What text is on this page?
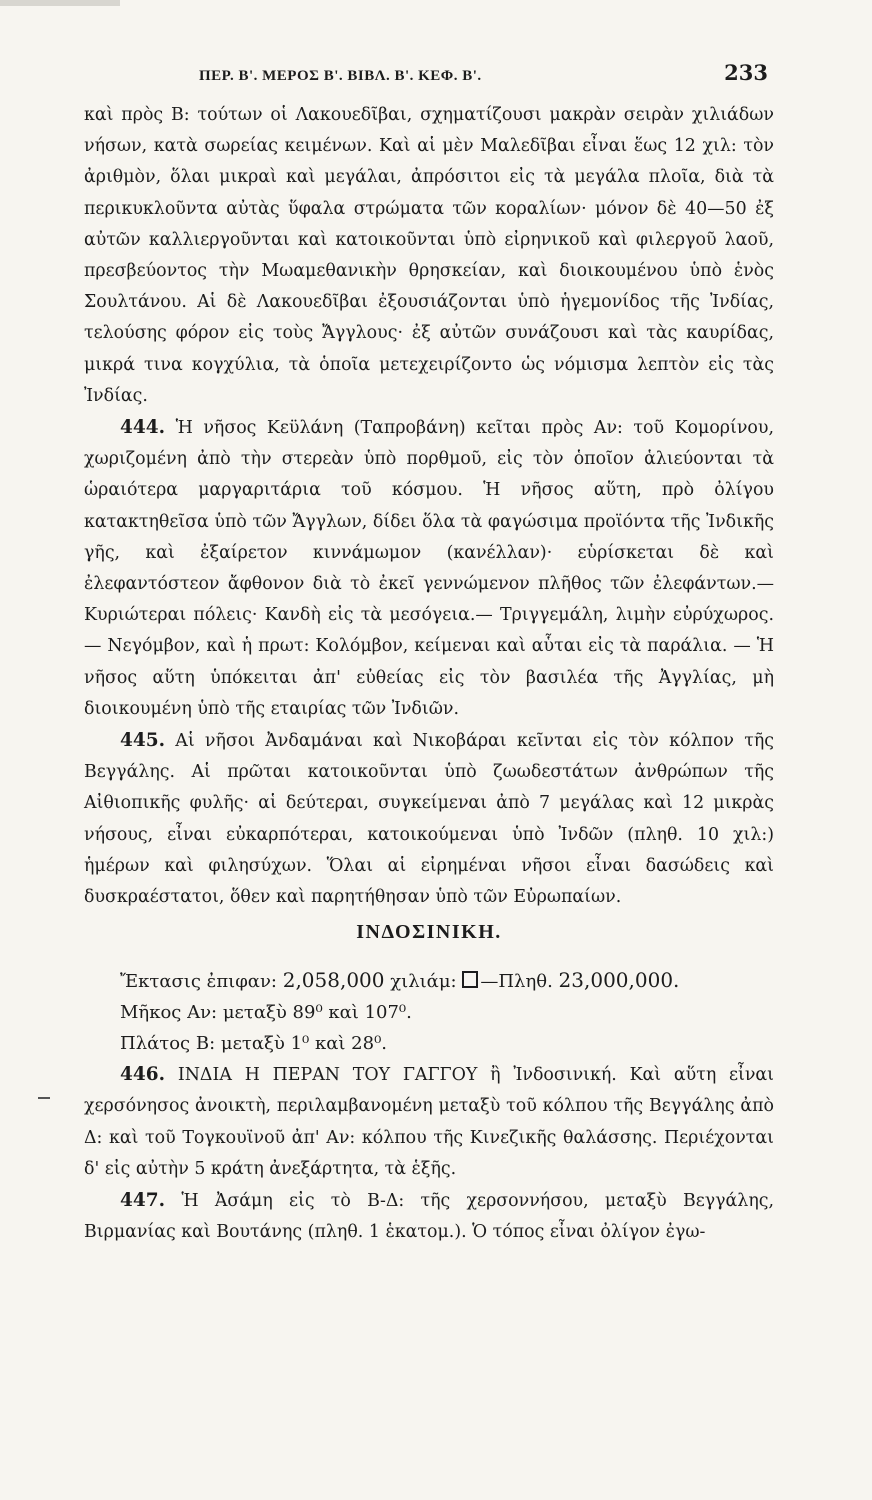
ΠΕΡ. Β'. ΜΕΡΟΣ Β'. ΒΙΒΛ. Β'. ΚΕΦ. Β'.	233

καὶ πρὸς Β: τούτων οἱ Λακουεδῖβαι, σχηματίζουσι μακρὰν σειρὰν χιλιάδων νήσων, κατὰ σωρείας κειμένων. Καὶ αἱ μὲν Μαλεδῖβαι εἶναι ἕως 12 χιλ: τὸν ἀριθμὸν, ὅλαι μικραὶ καὶ μεγάλαι, ἀπρόσιτοι εἰς τὰ μεγάλα πλοῖα, διὰ τὰ περικυκλοῦντα αὐτὰς ὕφαλα στρώματα τῶν κοραλίων· μόνον δὲ 40—50 ἐξ αὐτῶν καλλιεργοῦνται καὶ κατοικοῦνται ὑπὸ εἰρηνικοῦ καὶ φιλεργοῦ λαοῦ, πρεσβεύοντος τὴν Μωαμεθανικὴν θρησκείαν, καὶ διοικουμένου ὑπὸ ἑνὸς Σουλτάνου. Αἱ δὲ Λακουεδῖβαι ἐξουσιάζονται ὑπὸ ἡγεμονίδος τῆς Ἰνδίας, τελούσης φόρον εἰς τοὺς Ἄγγλους· ἐξ αὐτῶν συνάζουσι καὶ τὰς καυρίδας, μικρά τινα κογχύλια, τὰ ὁποῖα μετεχειρίζοντο ὡς νόμισμα λεπτὸν εἰς τὰς Ἰνδίας.

444. Ἡ νῆσος Κεϋλάνη (Ταπροβάνη) κεῖται πρὸς Αν: τοῦ Κομορίνου, χωριζομένη ἀπὸ τὴν στερεὰν ὑπὸ πορθμοῦ, εἰς τὸν ὁποῖον ἁλιεύονται τὰ ὡραιότερα μαργαριτάρια τοῦ κόσμου. Ἡ νῆσος αὕτη, πρὸ ὀλίγου κατακτηθεῖσα ὑπὸ τῶν Ἄγγλων, δίδει ὅλα τὰ φαγώσιμα προϊόντα τῆς Ἰνδικῆς γῆς, καὶ ἐξαίρετον κιννάμωμον (κανέλλαν)· εὑρίσκεται δὲ καὶ ἐλεφαντόστεον ἄφθονον διὰ τὸ ἐκεῖ γεννώμενον πλῆθος τῶν ἐλεφάντων.— Κυριώτεραι πόλεις· Κανδὴ εἰς τὰ μεσόγεια.— Τριγγεμάλη, λιμὴν εὐρύχωρος. — Νεγόμβον, καὶ ἡ πρωτ: Κολόμβον, κείμεναι καὶ αὗται εἰς τὰ παράλια. — Ἡ νῆσος αὕτη ὑπόκειται ἀπ' εὐθείας εἰς τὸν βασιλέα τῆς Ἀγγλίας, μὴ διοικουμένη ὑπὸ τῆς εταιρίας τῶν Ἰνδιῶν.

445. Αἱ νῆσοι Ἀνδαμάναι καὶ Νικοβάραι κεῖνται εἰς τὸν κόλπον τῆς Βεγγάλης. Αἱ πρῶται κατοικοῦνται ὑπὸ ζωωδεστάτων ἀνθρώπων τῆς Αἰθιοπικῆς φυλῆς· αἱ δεύτεραι, συγκείμεναι ἀπὸ 7 μεγάλας καὶ 12 μικρὰς νήσους, εἶναι εὐκαρπότεραι, κατοικούμεναι ὑπὸ Ἰνδῶν (πληθ. 10 χιλ:) ἡμέρων καὶ φιλησύχων. Ὅλαι αἱ εἰρημέναι νῆσοι εἶναι δασώδεις καὶ δυσκραέστατοι, ὅθεν καὶ παρητήθησαν ὑπὸ τῶν Εὐρωπαίων.

ΙΝΔΟΣΙΝΙΚΗ.
Ἔκτασις ἐπιφαν: 2,058,000 χιλιάμ: —Πληθ. 23,000,000.
Μῆκος Αν: μεταξὺ 89⁰ καὶ 107⁰.
Πλάτος Β: μεταξὺ 1⁰ καὶ 28⁰.

446. ΙΝΔΙΑ Η ΠΕΡΑΝ ΤΟΥ ΓΑΓΓΟΥ ἢ Ἰνδοσινική. Καὶ αὕτη εἶναι χερσόνησος ἀνοικτὴ, περιλαμβανομένη μεταξὺ τοῦ κόλπου τῆς Βεγγάλης ἀπὸ Δ: καὶ τοῦ Τογκουϊνοῦ ἀπ' Αν: κόλπου τῆς Κινεζικῆς θαλάσσης. Περιέχονται δ' εἰς αὐτὴν 5 κράτη ἀνεξάρτητα, τὰ ἑξῆς.

447. Ἡ Ἀσάμη εἰς τὸ Β-Δ: τῆς χερσοννήσου, μεταξὺ Βεγγάλης, Βιρμανίας καὶ Βουτάνης (πληθ. 1 ἑκατομ.). Ὁ τόπος εἶναι ὀλίγον ἐγω-
